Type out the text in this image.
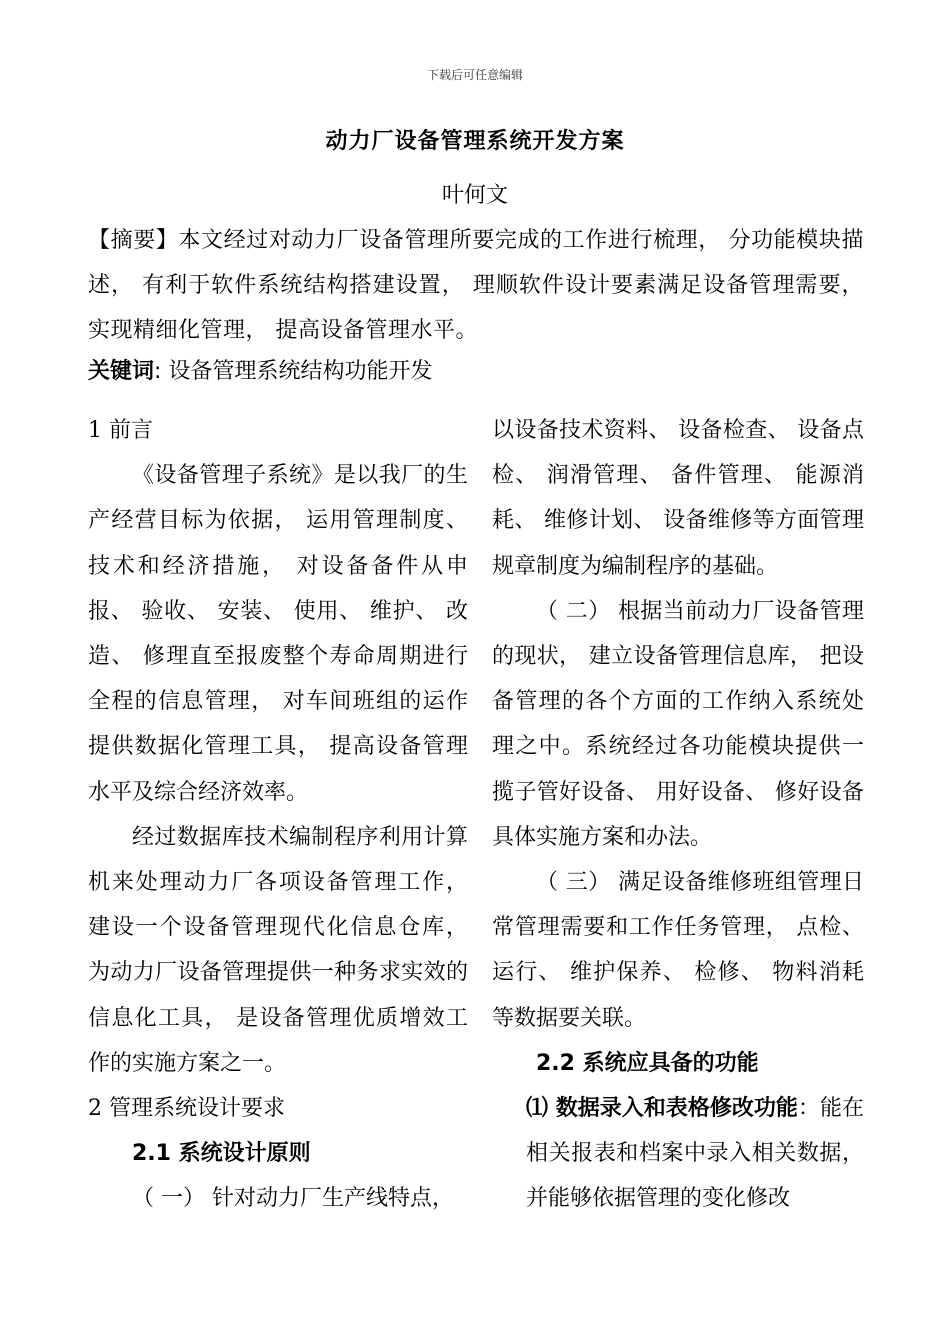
下载后可任意编辑
动力厂设备管理系统开发方案
叶何文
【摘要】本文经过对动力厂设备管理所要完成的工作进行梳理， 分功能模块描述， 有利于软件系统结构搭建设置， 理顺软件设计要素满足设备管理需要，实现精细化管理， 提高设备管理水平。
关键词: 设备管理系统结构功能开发

1 前言

《设备管理子系统》是以我厂的生产经营目标为依据， 运用管理制度、 技术和经济措施， 对设备备件从申报、 验收、 安装、 使用、 维护、 改造、 修理直至报废整个寿命周期进行全程的信息管理， 对车间班组的运作提供数据化管理工具， 提高设备管理水平及综合经济效率。

经过数据库技术编制程序利用计算机来处理动力厂各项设备管理工作， 建设一个设备管理现代化信息仓库， 为动力厂设备管理提供一种务求实效的信息化工具， 是设备管理优质增效工作的实施方案之一。

2 管理系统设计要求

2.1 系统设计原则

（ 一） 针对动力厂生产线特点，

以设备技术资料、 设备检查、 设备点检、 润滑管理、 备件管理、 能源消耗、 维修计划、 设备维修等方面管理规章制度为编制程序的基础。

（ 二） 根据当前动力厂设备管理的现状， 建立设备管理信息库， 把设备管理的各个方面的工作纳入系统处理之中。系统经过各功能模块提供一揽子管好设备、 用好设备、 修好设备具体实施方案和办法。

（ 三） 满足设备维修班组管理日常管理需要和工作任务管理， 点检、 运行、 维护保养、 检修、 物料消耗等数据要关联。

2.2 系统应具备的功能

⑴ 数据录入和表格修改功能：能在相关报表和档案中录入相关数据， 并能够依据管理的变化修改
